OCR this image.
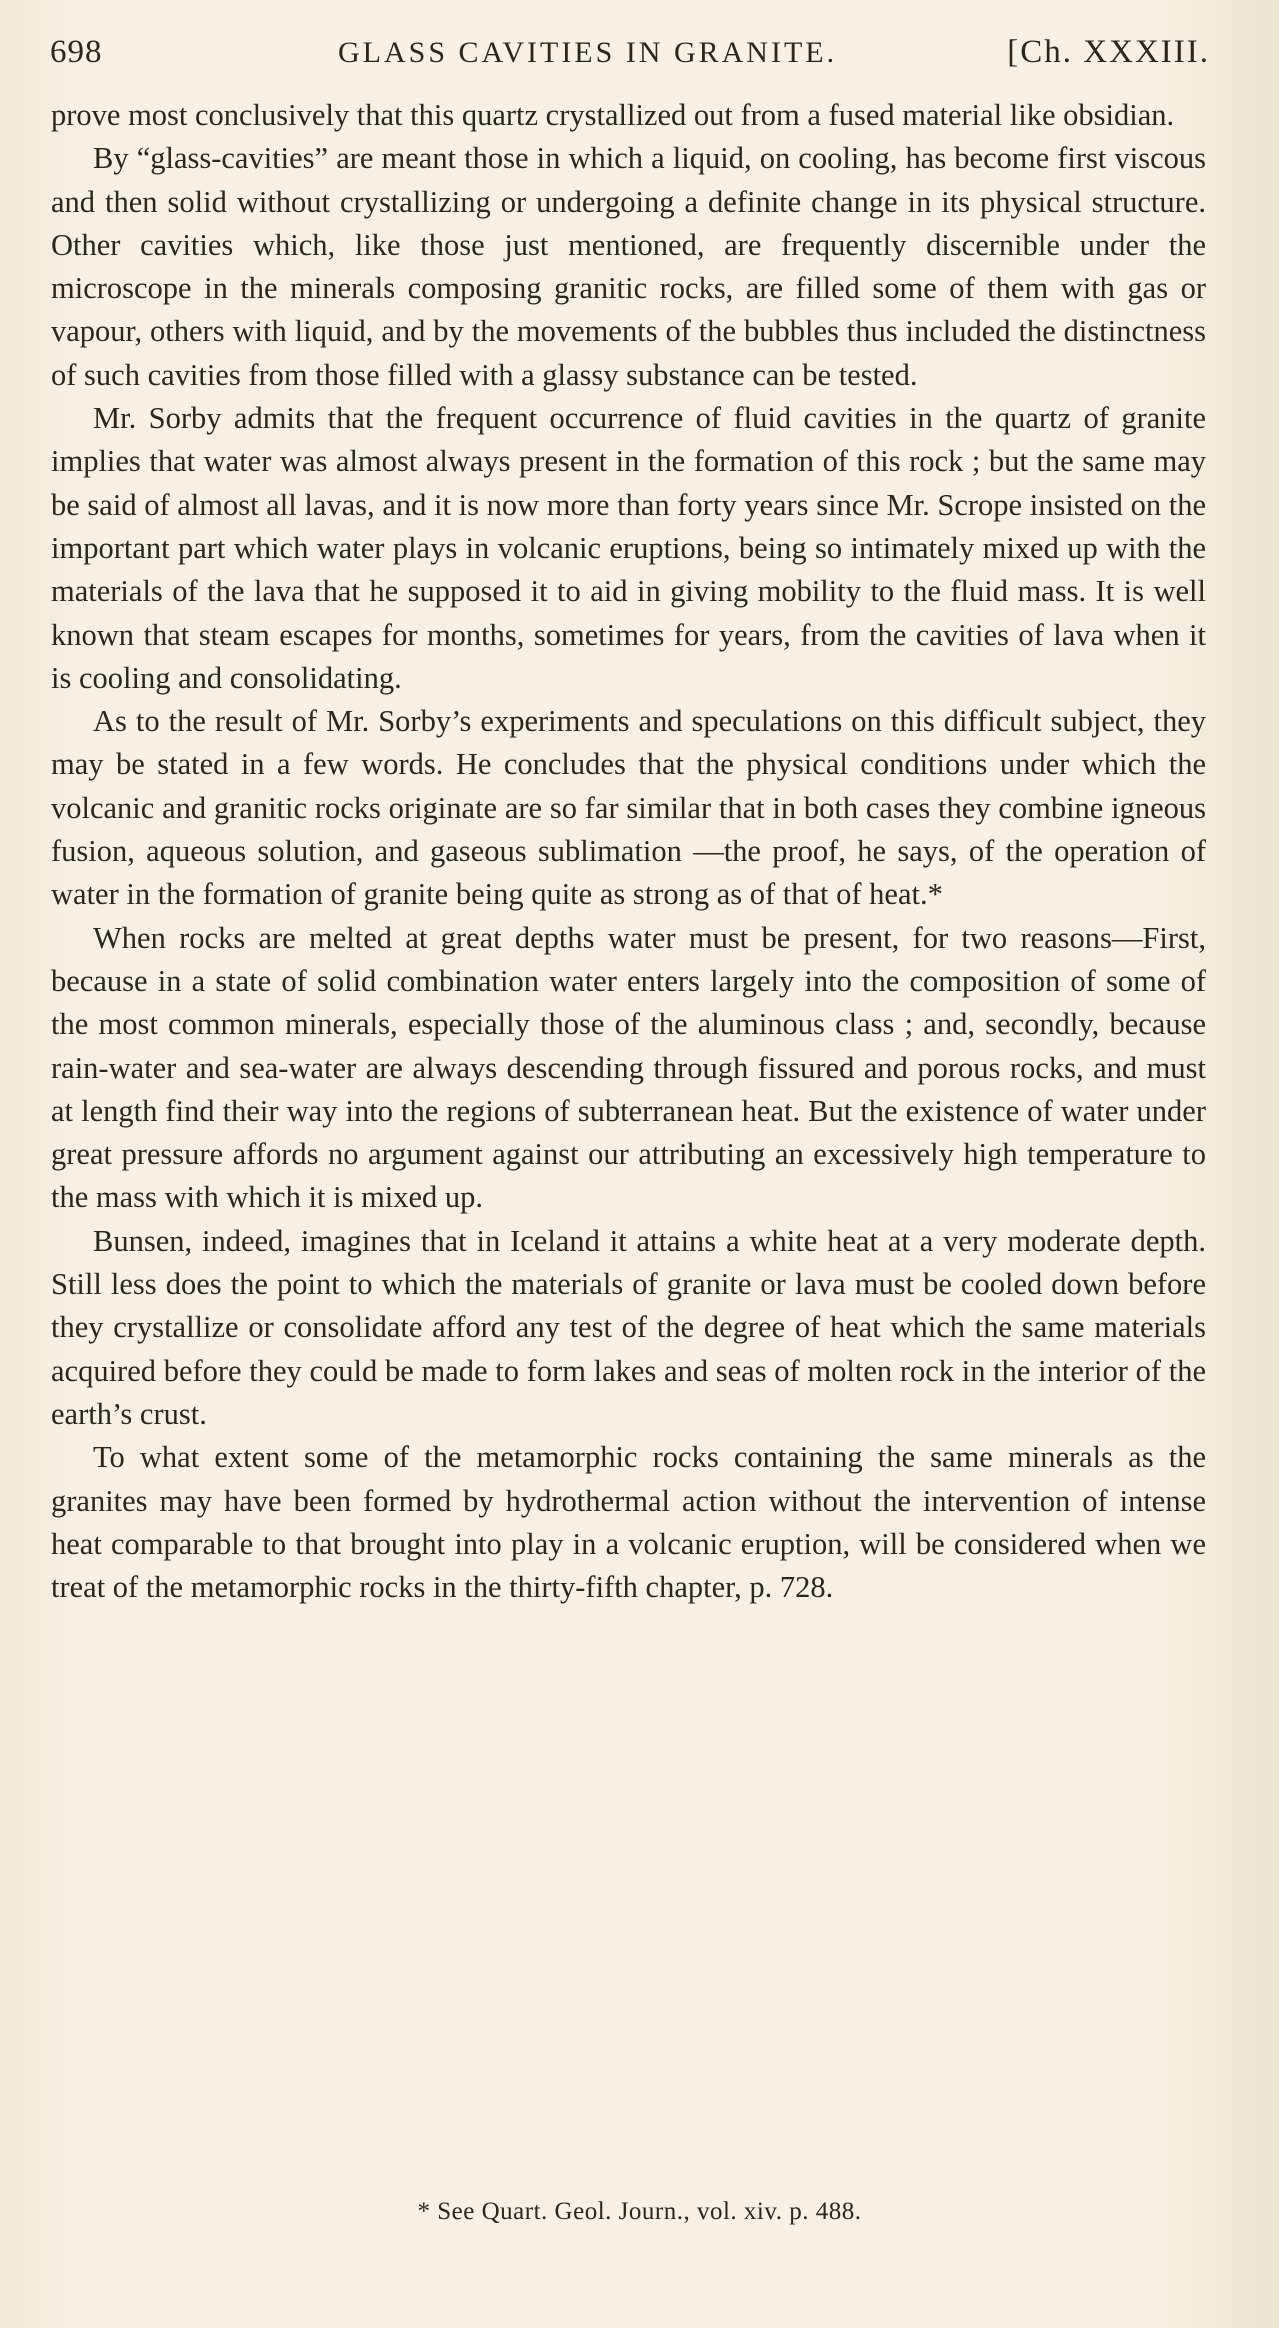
698	GLASS CAVITIES IN GRANITE.	[Ch. XXXIII.

prove most conclusively that this quartz crystallized out from a fused material like obsidian.

By “glass-cavities” are meant those in which a liquid, on cooling, has become first viscous and then solid without crystallizing or undergoing a definite change in its physical structure. Other cavities which, like those just mentioned, are frequently discernible under the microscope in the minerals composing granitic rocks, are filled some of them with gas or vapour, others with liquid, and by the movements of the bubbles thus included the distinctness of such cavities from those filled with a glassy substance can be tested.

Mr. Sorby admits that the frequent occurrence of fluid cavities in the quartz of granite implies that water was almost always present in the formation of this rock ; but the same may be said of almost all lavas, and it is now more than forty years since Mr. Scrope insisted on the important part which water plays in volcanic eruptions, being so intimately mixed up with the materials of the lava that he supposed it to aid in giving mobility to the fluid mass. It is well known that steam escapes for months, sometimes for years, from the cavities of lava when it is cooling and consolidating.

As to the result of Mr. Sorby’s experiments and speculations on this difficult subject, they may be stated in a few words. He concludes that the physical conditions under which the volcanic and granitic rocks originate are so far similar that in both cases they combine igneous fusion, aqueous solution, and gaseous sublimation —the proof, he says, of the operation of water in the formation of granite being quite as strong as of that of heat.*

When rocks are melted at great depths water must be present, for two reasons—First, because in a state of solid combination water enters largely into the composition of some of the most common minerals, especially those of the aluminous class ; and, secondly, because rain-water and sea-water are always descending through fissured and porous rocks, and must at length find their way into the regions of subterranean heat. But the existence of water under great pressure affords no argument against our attributing an excessively high temperature to the mass with which it is mixed up.

Bunsen, indeed, imagines that in Iceland it attains a white heat at a very moderate depth. Still less does the point to which the materials of granite or lava must be cooled down before they crystallize or consolidate afford any test of the degree of heat which the same materials acquired before they could be made to form lakes and seas of molten rock in the interior of the earth’s crust.

To what extent some of the metamorphic rocks containing the same minerals as the granites may have been formed by hydrothermal action without the intervention of intense heat comparable to that brought into play in a volcanic eruption, will be considered when we treat of the metamorphic rocks in the thirty-fifth chapter, p. 728.

* See Quart. Geol. Journ., vol. xiv. p. 488.
